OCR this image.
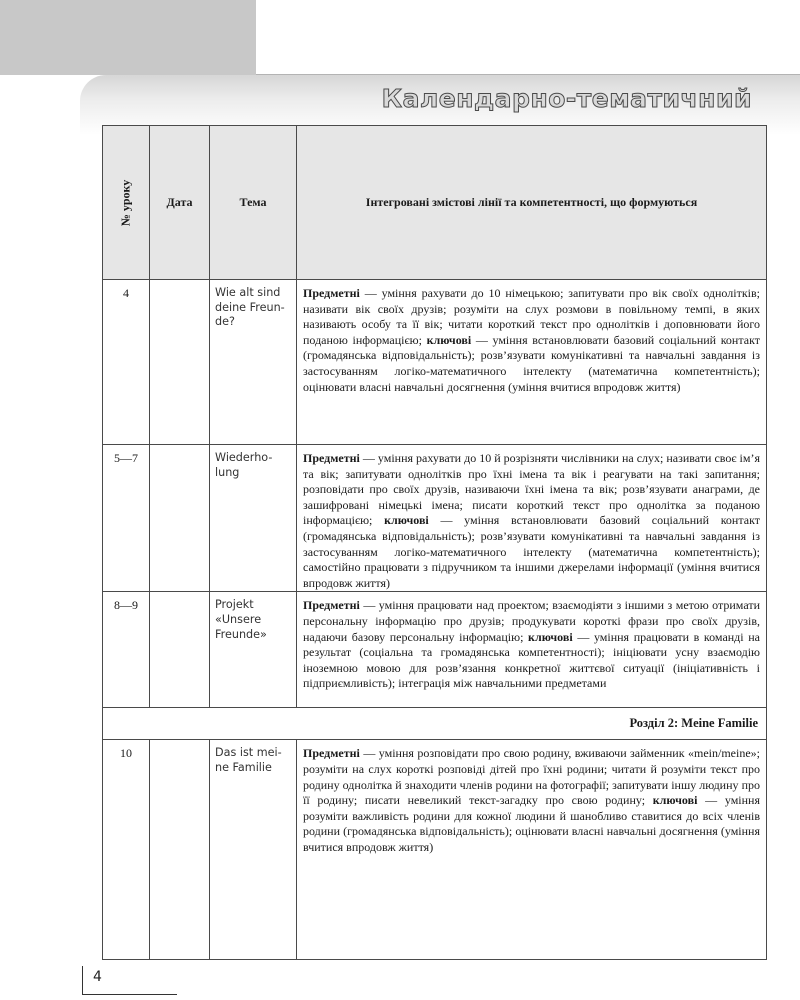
Календарно-тематичний
№ уроку	Дата	Тема	Інтегровані змістові лінії та компетентності, що формуються
4		Wie alt sind deine Freun-de?	Предметні — уміння рахувати до 10 німецькою; запитувати про вік своїх однолітків; називати вік своїх друзів; розуміти на слух розмови в повільному темпі, в яких називають особу та її вік; читати короткий текст про однолітків і доповнювати його поданою інформацією; ключові — уміння встановлювати базовий соціальний контакт (громадянська відповідальність); розв’язувати комунікативні та навчальні завдання із застосуванням логіко-математичного інтелекту (математична компетентність); оцінювати власні навчальні досягнення (уміння вчитися впродовж життя)
5—7		Wiederho-lung	Предметні — уміння рахувати до 10 й розрізняти числівники на слух; називати своє ім’я та вік; запитувати однолітків про їхні імена та вік і реагувати на такі запитання; розповідати про своїх друзів, називаючи їхні імена та вік; розв’язувати анаграми, де зашифровані німецькі імена; писати короткий текст про однолітка за поданою інформацією; ключові — уміння встановлювати базовий соціальний контакт (громадянська відповідальність); розв’язувати комунікативні та навчальні завдання із застосуванням логіко-математичного інтелекту (математична компетентність); самостійно працювати з підручником та іншими джерелами інформації (уміння вчитися впродовж життя)
8—9		Projekt «Unsere Freunde»	Предметні — уміння працювати над проектом; взаємодіяти з іншими з метою отримати персональну інформацію про друзів; продукувати короткі фрази про своїх друзів, надаючи базову персональну інформацію; ключові — уміння працювати в команді на результат (соціальна та громадянська компетентності); ініціювати усну взаємодію іноземною мовою для розв’язання конкретної життєвої ситуації (ініціативність і підприємливість); інтеграція між навчальними предметами
Розділ 2: Meine Familie			
10		Das ist mei-ne Familie	Предметні — уміння розповідати про свою родину, вживаючи займенник «mein/meine»; розуміти на слух короткі розповіді дітей про їхні родини; читати й розуміти текст про родину однолітка й знаходити членів родини на фотографії; запитувати іншу людину про її родину; писати невеликий текст-загадку про свою родину; ключові — уміння розуміти важливість родини для кожної людини й шанобливо ставитися до всіх членів родини (громадянська відповідальність); оцінювати власні навчальні досягнення (уміння вчитися впродовж життя)
4
